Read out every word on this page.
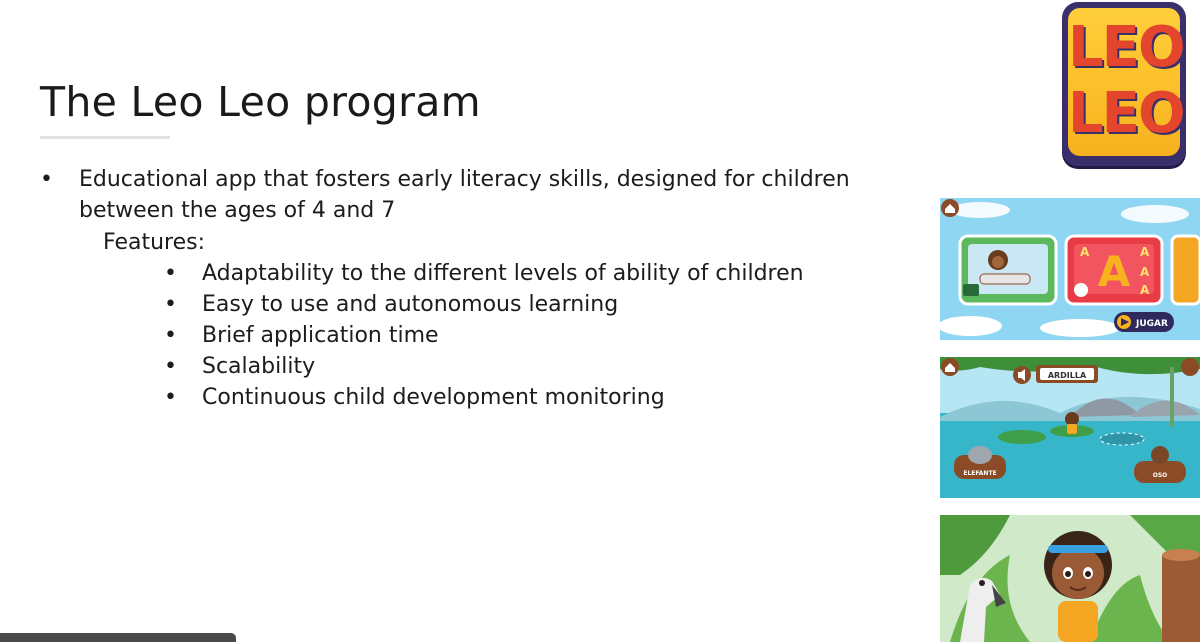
The Leo Leo program
• Educational app that fosters early literacy skills, designed for children between the ages of 4 and 7
Features:
• Adaptability to the different levels of ability of children
• Easy to use and autonomous learning
• Brief application time
• Scalability
• Continuous child development monitoring
LEO
LEO
A
A	A
A
A
JUGAR
ARDILLA
ELEFANTE	OSO
